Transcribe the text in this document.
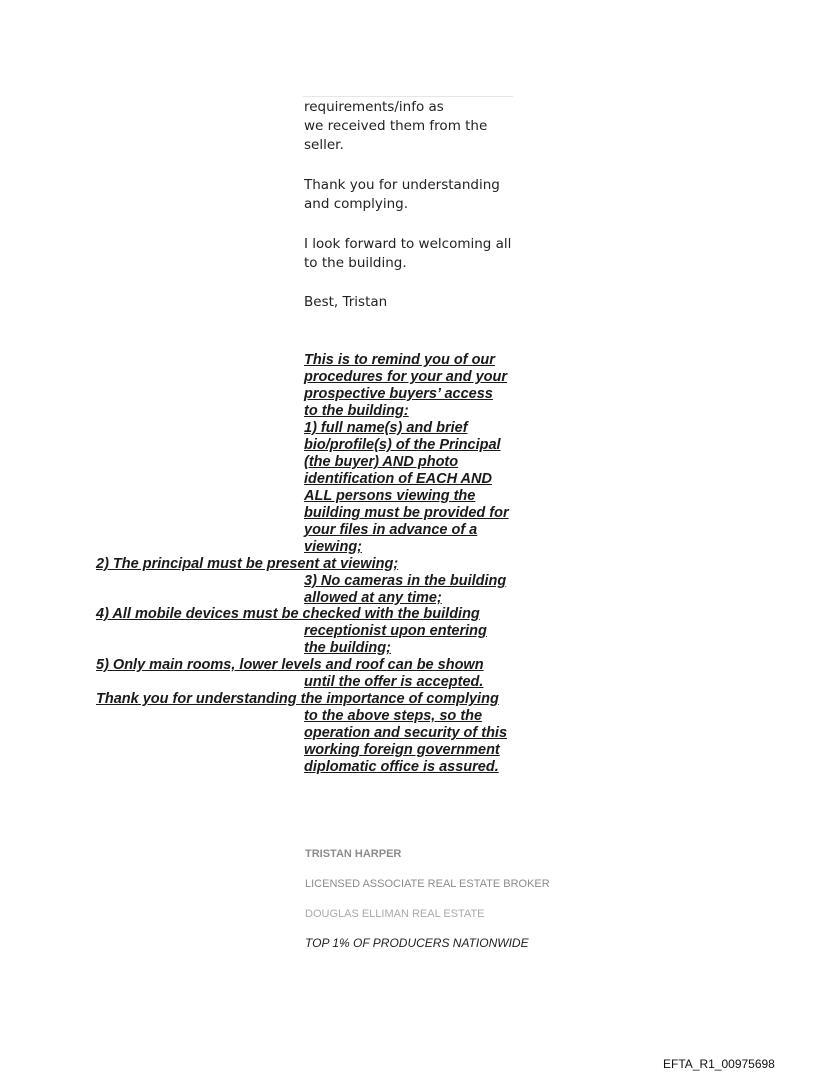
requirements/info as
we received them from the
seller.
Thank you for understanding
and complying.
I look forward to welcoming all
to the building.
Best, Tristan
This is to remind you of our
procedures for your and your
prospective buyers’ access
to the building:
1) full name(s) and brief
bio/profile(s) of the Principal
(the buyer) AND photo
identification of EACH AND
ALL persons viewing the
building must be provided for
your files in advance of a
viewing;
2) The principal must be present at viewing;
3) No cameras in the building
allowed at any time;
4) All mobile devices must be checked with the building
receptionist upon entering
the building;
5) Only main rooms, lower levels and roof can be shown
until the offer is accepted.
Thank you for understanding the importance of complying
to the above steps, so the
operation and security of this
working foreign government
diplomatic office is assured.
TRISTAN HARPER
LICENSED ASSOCIATE REAL ESTATE BROKER
DOUGLAS ELLIMAN REAL ESTATE
TOP 1% OF PRODUCERS NATIONWIDE
EFTA_R1_00975698
